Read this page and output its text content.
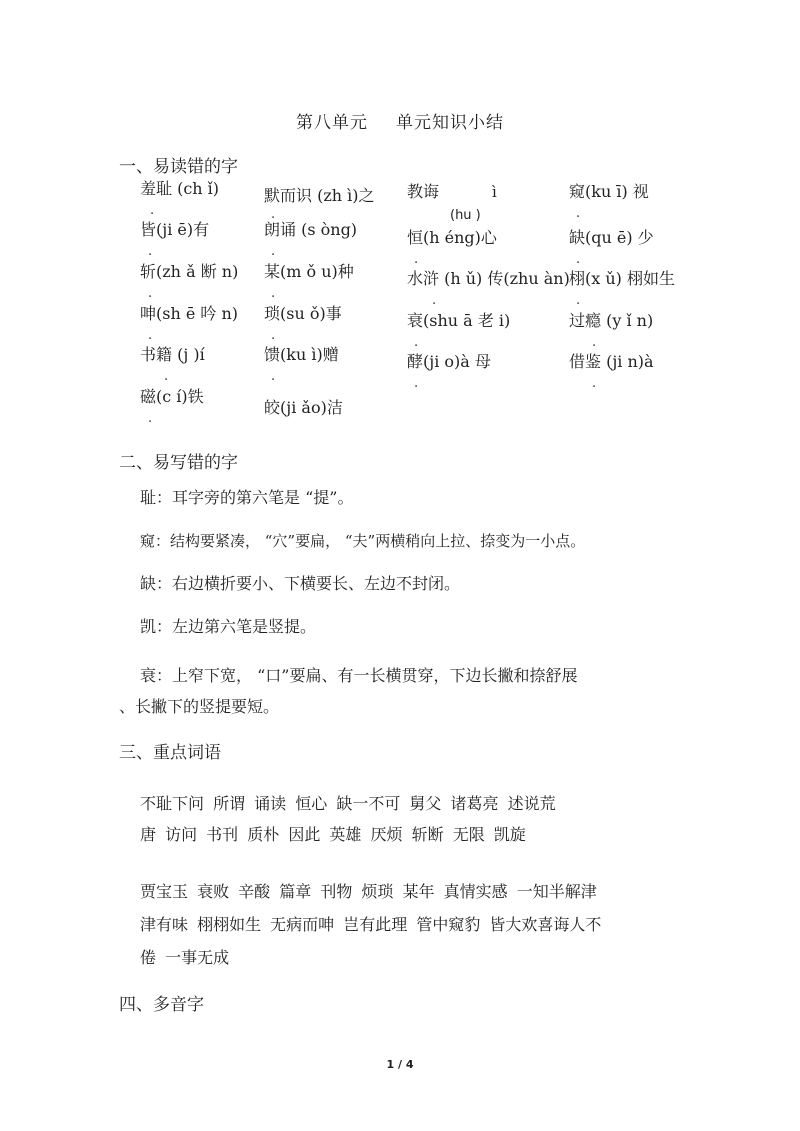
第八单元 单元知识小结
一、易读错的字
羞耻 (ch ǐ)
.
皆(ji ē)有
.
斩(zh ǎ 断 n)
.
呻(sh ē 吟 n)
.
书籍 (j )í
.
磁(c í)铁
.
默而识 (zh ì)之
.
朗诵 (s òng)
.
某(m ǒ u)种
.
琐(su ǒ)事
.
馈(ku ì)赠
.
皎(ji ǎo)洁
教诲	ì
(hu )
恒(h éng)心
.
水浒 (h ǔ) 传(zhu àn)
.
衰(shu ā 老 i)
.
酵(ji o)à 母
.
窥(ku ī) 视
.
缺(qu ē) 少
.
栩(x ǔ) 栩如生
.
过瘾 (y ǐ n)
.
借鉴 (ji n)à
.
二、易写错的字
耻：耳字旁的第六笔是 “提”。
窥：结构要紧凑， “穴”要扁， “夫”两横稍向上拉、捺变为一小点。
缺：右边横折要小、下横要长、左边不封闭。
凯：左边第六笔是竖提。
衰：上窄下宽， “口”要扁、有一长横贯穿，下边长撇和捺舒展
、长撇下的竖提要短。
三、重点词语
不耻下问 所谓 诵读 恒心 缺一不可 舅父 诸葛亮 述说荒
唐 访问 书刊 质朴 因此 英雄 厌烦 斩断 无限 凯旋
贾宝玉 衰败 辛酸 篇章 刊物 烦琐 某年 真情实感 一知半解津
津有味 栩栩如生 无病而呻 岂有此理 管中窥豹 皆大欢喜诲人不
倦 一事无成
四、多音字
1 / 4
